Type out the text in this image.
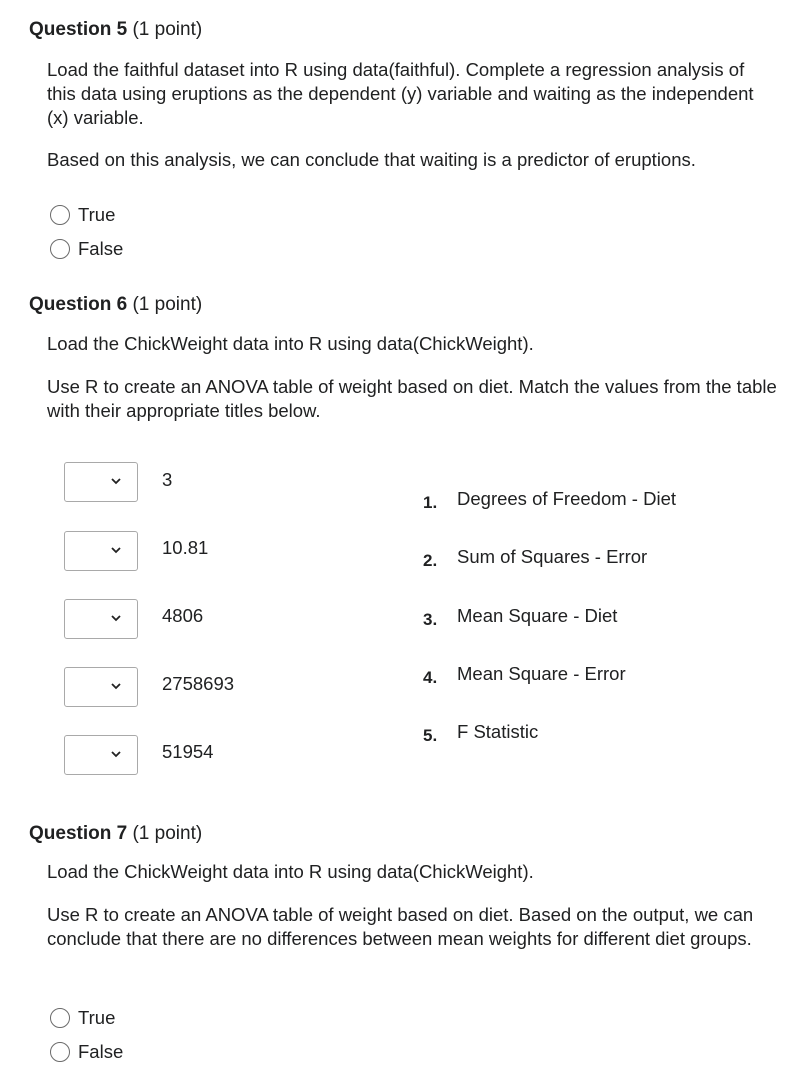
Question 5 (1 point)
Load the faithful dataset into R using data(faithful). Complete a regression analysis of this data using eruptions as the dependent (y) variable and waiting as the independent (x) variable.
Based on this analysis, we can conclude that waiting is a predictor of eruptions.
True
False
Question 6 (1 point)
Load the ChickWeight data into R using data(ChickWeight).
Use R to create an ANOVA table of weight based on diet. Match the values from the table with their appropriate titles below.
3
10.81
4806
2758693
51954
1. Degrees of Freedom - Diet
2. Sum of Squares - Error
3. Mean Square - Diet
4. Mean Square - Error
5. F Statistic
Question 7 (1 point)
Load the ChickWeight data into R using data(ChickWeight).
Use R to create an ANOVA table of weight based on diet. Based on the output, we can conclude that there are no differences between mean weights for different diet groups.
True
False
